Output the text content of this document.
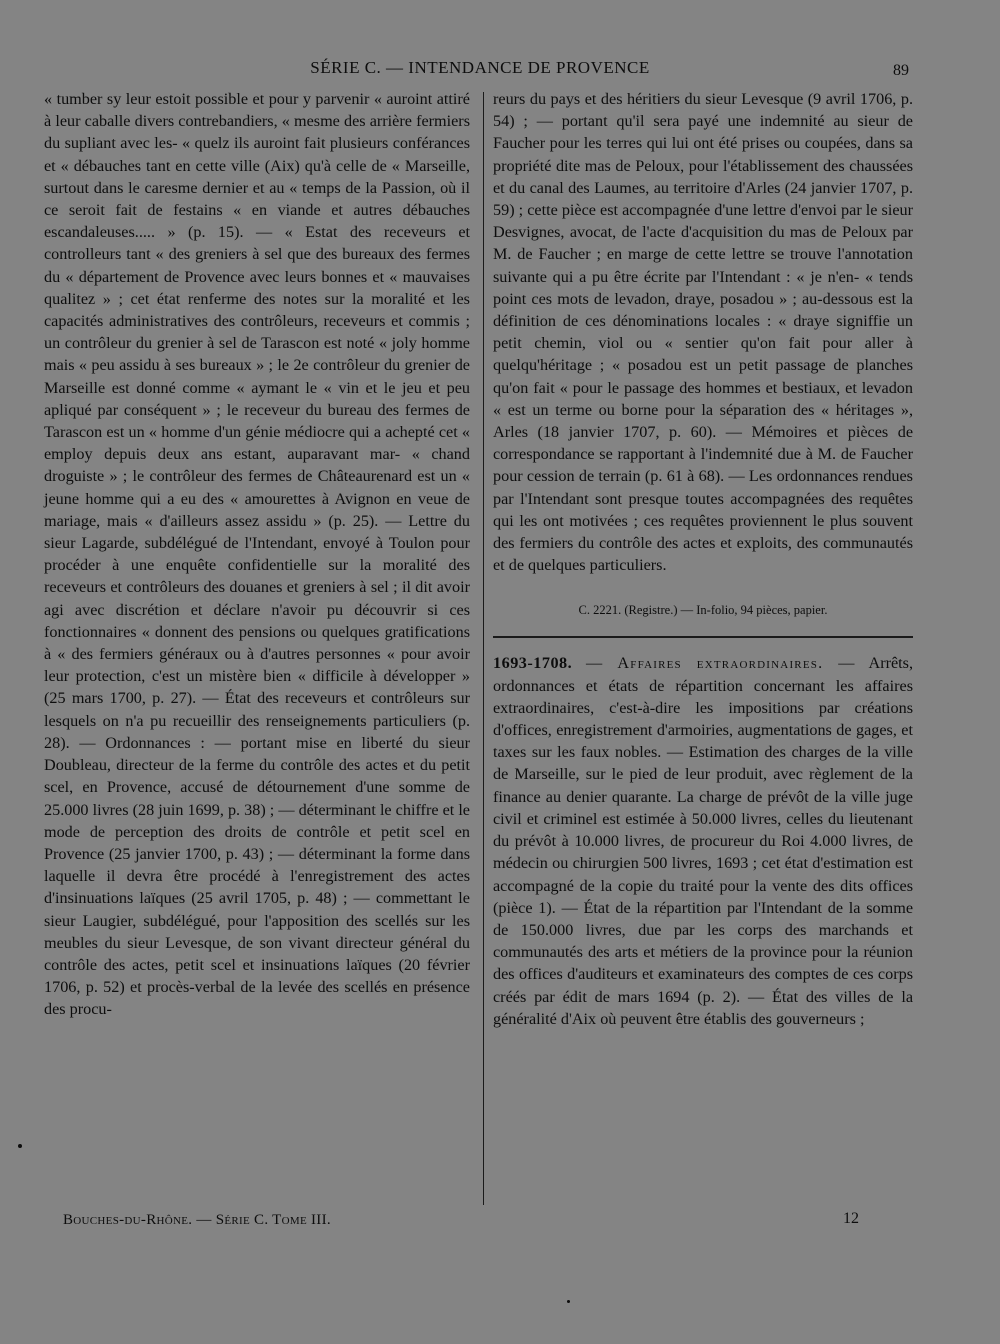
SÉRIE C. — INTENDANCE DE PROVENCE	89

« tumber sy leur estoit possible et pour y parvenir « auroint attiré à leur caballe divers contrebandiers, « mesme des arrière fermiers du supliant avec les- « quelz ils auroint fait plusieurs conférances et « débauches tant en cette ville (Aix) qu'à celle de « Marseille, surtout dans le caresme dernier et au « temps de la Passion, où il ce seroit fait de festains « en viande et autres débauches escandaleuses..... » (p. 15). — « Estat des receveurs et controlleurs tant « des greniers à sel que des bureaux des fermes du « département de Provence avec leurs bonnes et « mauvaises qualitez » ; cet état renferme des notes sur la moralité et les capacités administratives des contrôleurs, receveurs et commis ; un contrôleur du grenier à sel de Tarascon est noté « joly homme mais « peu assidu à ses bureaux » ; le 2e contrôleur du grenier de Marseille est donné comme « aymant le « vin et le jeu et peu apliqué par conséquent » ; le receveur du bureau des fermes de Tarascon est un « homme d'un génie médiocre qui a achepté cet « employ depuis deux ans estant, auparavant mar- « chand droguiste » ; le contrôleur des fermes de Châteaurenard est un « jeune homme qui a eu des « amourettes à Avignon en veue de mariage, mais « d'ailleurs assez assidu » (p. 25). — Lettre du sieur Lagarde, subdélégué de l'Intendant, envoyé à Toulon pour procéder à une enquête confidentielle sur la moralité des receveurs et contrôleurs des douanes et greniers à sel ; il dit avoir agi avec discrétion et déclare n'avoir pu découvrir si ces fonctionnaires « donnent des pensions ou quelques gratifications à « des fermiers généraux ou à d'autres personnes « pour avoir leur protection, c'est un mistère bien « difficile à développer » (25 mars 1700, p. 27). — État des receveurs et contrôleurs sur lesquels on n'a pu recueillir des renseignements particuliers (p. 28). — Ordonnances : — portant mise en liberté du sieur Doubleau, directeur de la ferme du contrôle des actes et du petit scel, en Provence, accusé de détournement d'une somme de 25.000 livres (28 juin 1699, p. 38) ; — déterminant le chiffre et le mode de perception des droits de contrôle et petit scel en Provence (25 janvier 1700, p. 43) ; — déterminant la forme dans laquelle il devra être procédé à l'enregistrement des actes d'insinuations laïques (25 avril 1705, p. 48) ; — commettant le sieur Laugier, subdélégué, pour l'apposition des scellés sur les meubles du sieur Levesque, de son vivant directeur général du contrôle des actes, petit scel et insinuations laïques (20 février 1706, p. 52) et procès-verbal de la levée des scellés en présence des procu-

reurs du pays et des héritiers du sieur Levesque (9 avril 1706, p. 54) ; — portant qu'il sera payé une indemnité au sieur de Faucher pour les terres qui lui ont été prises ou coupées, dans sa propriété dite mas de Peloux, pour l'établissement des chaussées et du canal des Laumes, au territoire d'Arles (24 janvier 1707, p. 59) ; cette pièce est accompagnée d'une lettre d'envoi par le sieur Desvignes, avocat, de l'acte d'acquisition du mas de Peloux par M. de Faucher ; en marge de cette lettre se trouve l'annotation suivante qui a pu être écrite par l'Intendant : « je n'en- « tends point ces mots de levadon, draye, posadou » ; au-dessous est la définition de ces dénominations locales : « draye signiffie un petit chemin, viol ou « sentier qu'on fait pour aller à quelqu'héritage ; « posadou est un petit passage de planches qu'on fait « pour le passage des hommes et bestiaux, et levadon « est un terme ou borne pour la séparation des « héritages », Arles (18 janvier 1707, p. 60). — Mémoires et pièces de correspondance se rapportant à l'indemnité due à M. de Faucher pour cession de terrain (p. 61 à 68). — Les ordonnances rendues par l'Intendant sont presque toutes accompagnées des requêtes qui les ont motivées ; ces requêtes proviennent le plus souvent des fermiers du contrôle des actes et exploits, des communautés et de quelques particuliers.

C. 2221. (Registre.) — In-folio, 94 pièces, papier.

1693-1708. — Affaires extraordinaires. — Arrêts, ordonnances et états de répartition concernant les affaires extraordinaires, c'est-à-dire les impositions par créations d'offices, enregistrement d'armoiries, augmentations de gages, et taxes sur les faux nobles. — Estimation des charges de la ville de Marseille, sur le pied de leur produit, avec règlement de la finance au denier quarante. La charge de prévôt de la ville juge civil et criminel est estimée à 50.000 livres, celles du lieutenant du prévôt à 10.000 livres, de procureur du Roi 4.000 livres, de médecin ou chirurgien 500 livres, 1693 ; cet état d'estimation est accompagné de la copie du traité pour la vente des dits offices (pièce 1). — État de la répartition par l'Intendant de la somme de 150.000 livres, due par les corps des marchands et communautés des arts et métiers de la province pour la réunion des offices d'auditeurs et examinateurs des comptes de ces corps créés par édit de mars 1694 (p. 2). — État des villes de la généralité d'Aix où peuvent être établis des gouverneurs ;

Bouches-du-Rhône. — Série C. Tome III.	12
